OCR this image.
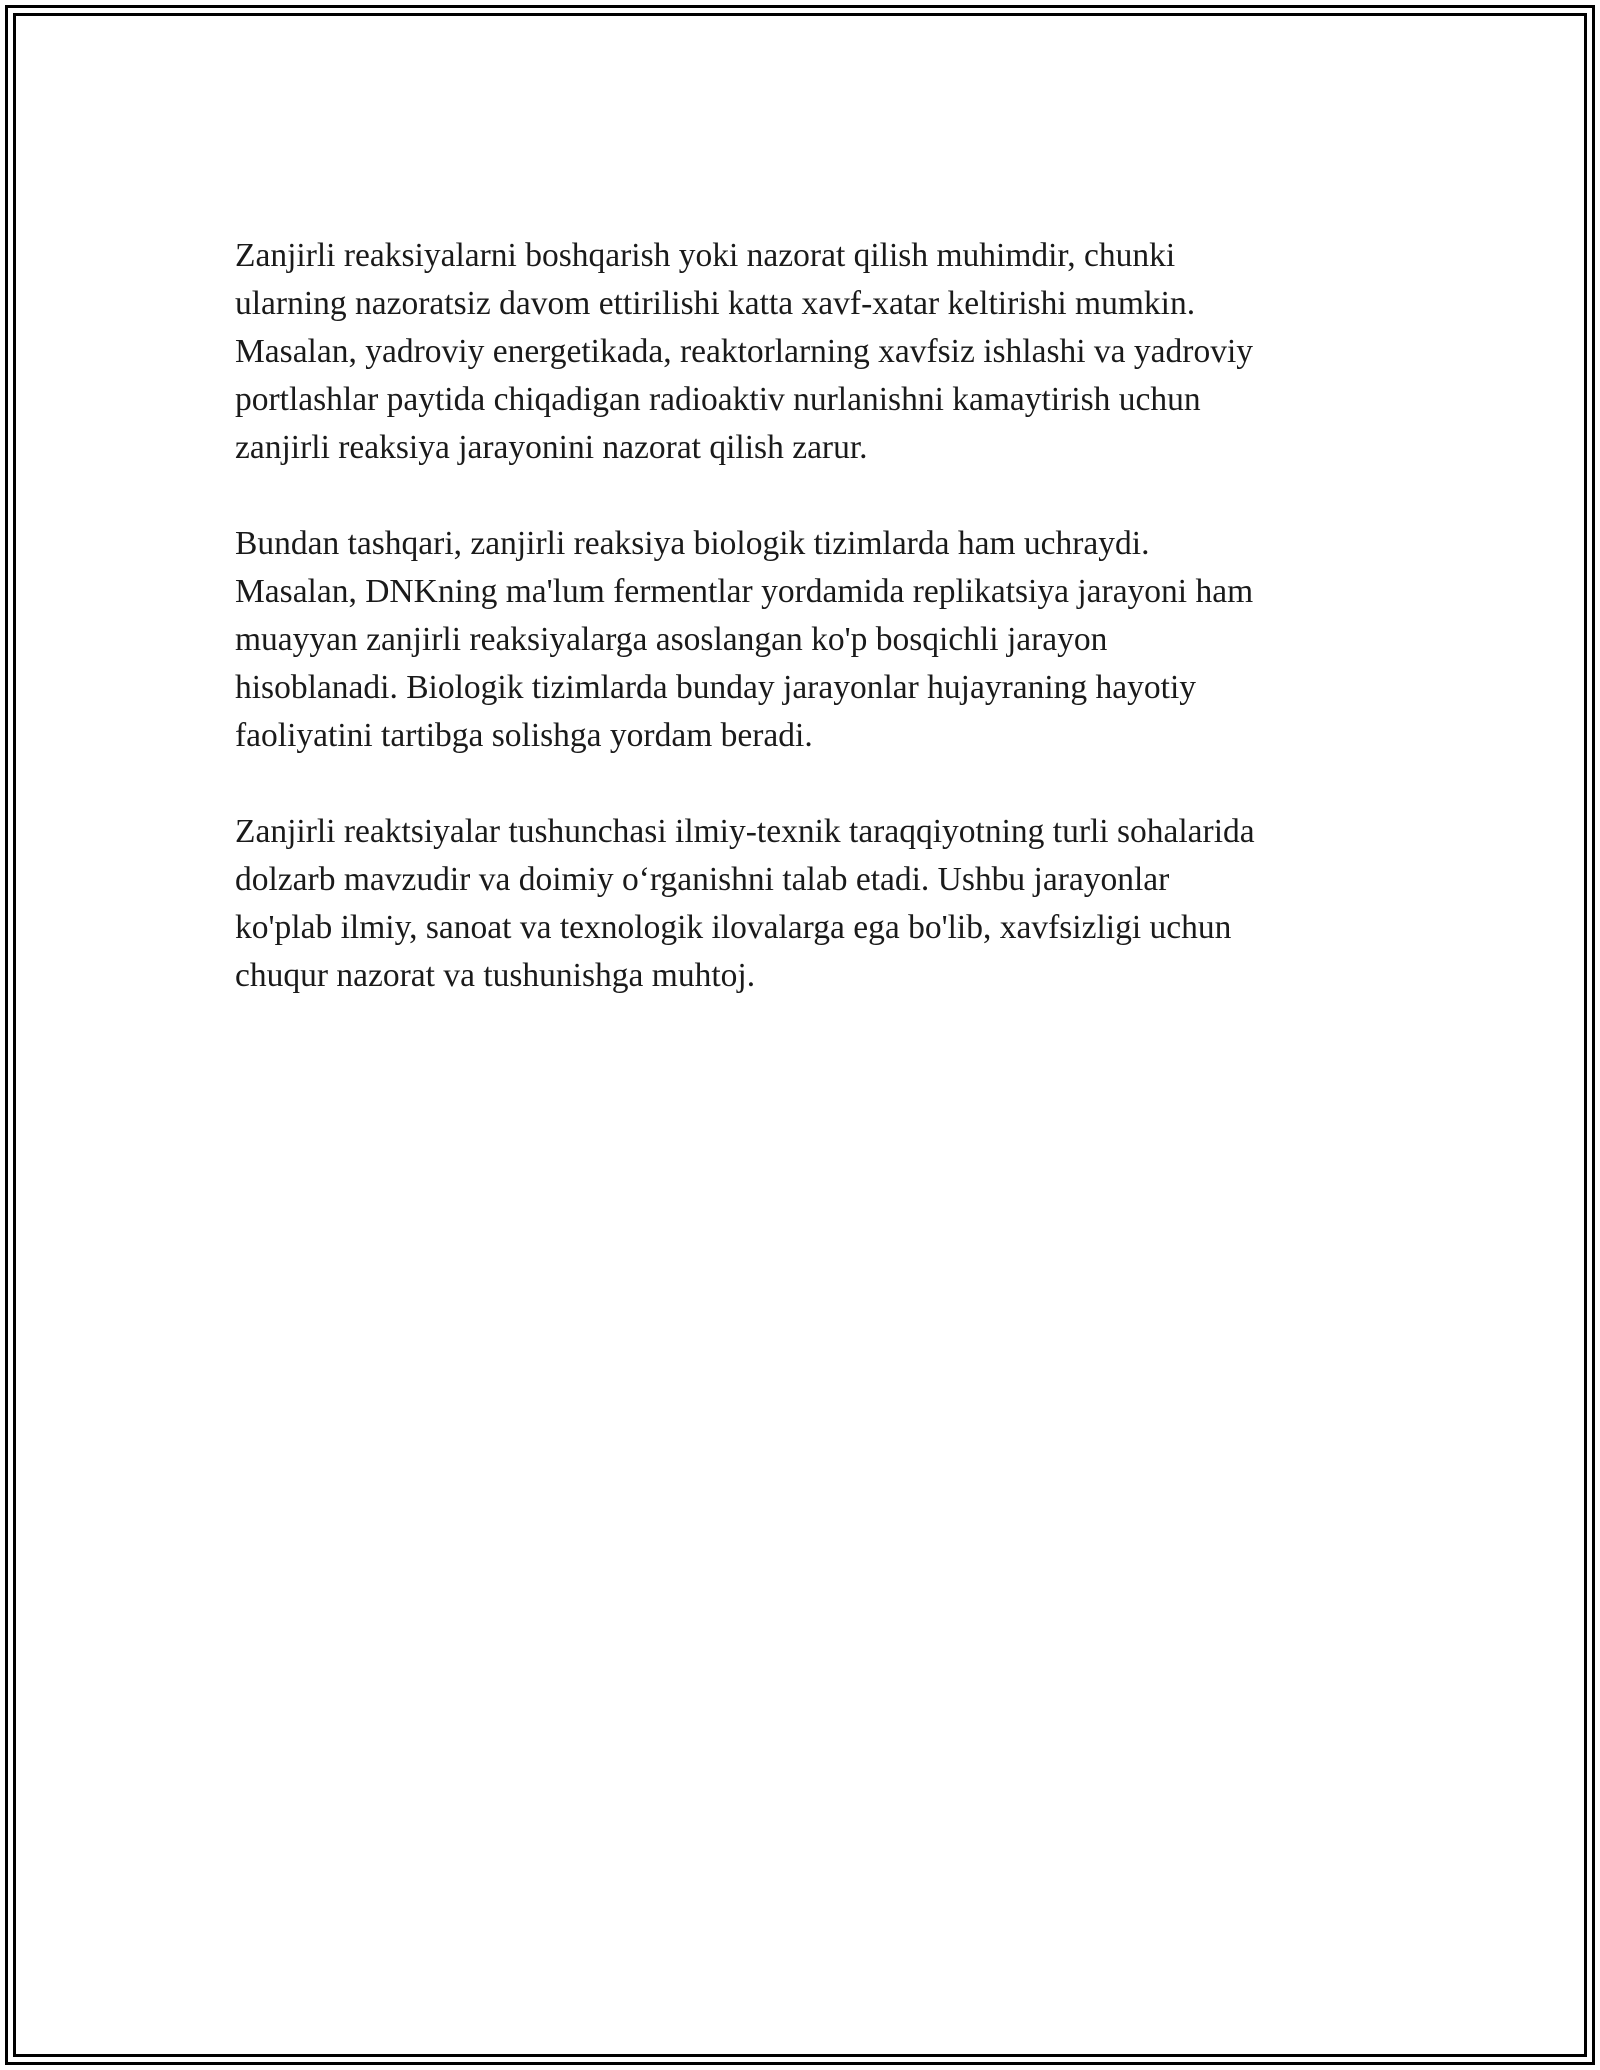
Zanjirli reaksiyalarni boshqarish yoki nazorat qilish muhimdir, chunki
ularning nazoratsiz davom ettirilishi katta xavf-xatar keltirishi mumkin.
Masalan, yadroviy energetikada, reaktorlarning xavfsiz ishlashi va yadroviy
portlashlar paytida chiqadigan radioaktiv nurlanishni kamaytirish uchun
zanjirli reaksiya jarayonini nazorat qilish zarur.

Bundan tashqari, zanjirli reaksiya biologik tizimlarda ham uchraydi.
Masalan, DNKning ma'lum fermentlar yordamida replikatsiya jarayoni ham
muayyan zanjirli reaksiyalarga asoslangan ko'p bosqichli jarayon
hisoblanadi. Biologik tizimlarda bunday jarayonlar hujayraning hayotiy
faoliyatini tartibga solishga yordam beradi.

Zanjirli reaktsiyalar tushunchasi ilmiy-texnik taraqqiyotning turli sohalarida
dolzarb mavzudir va doimiy o‘rganishni talab etadi. Ushbu jarayonlar
ko'plab ilmiy, sanoat va texnologik ilovalarga ega bo'lib, xavfsizligi uchun
chuqur nazorat va tushunishga muhtoj.
